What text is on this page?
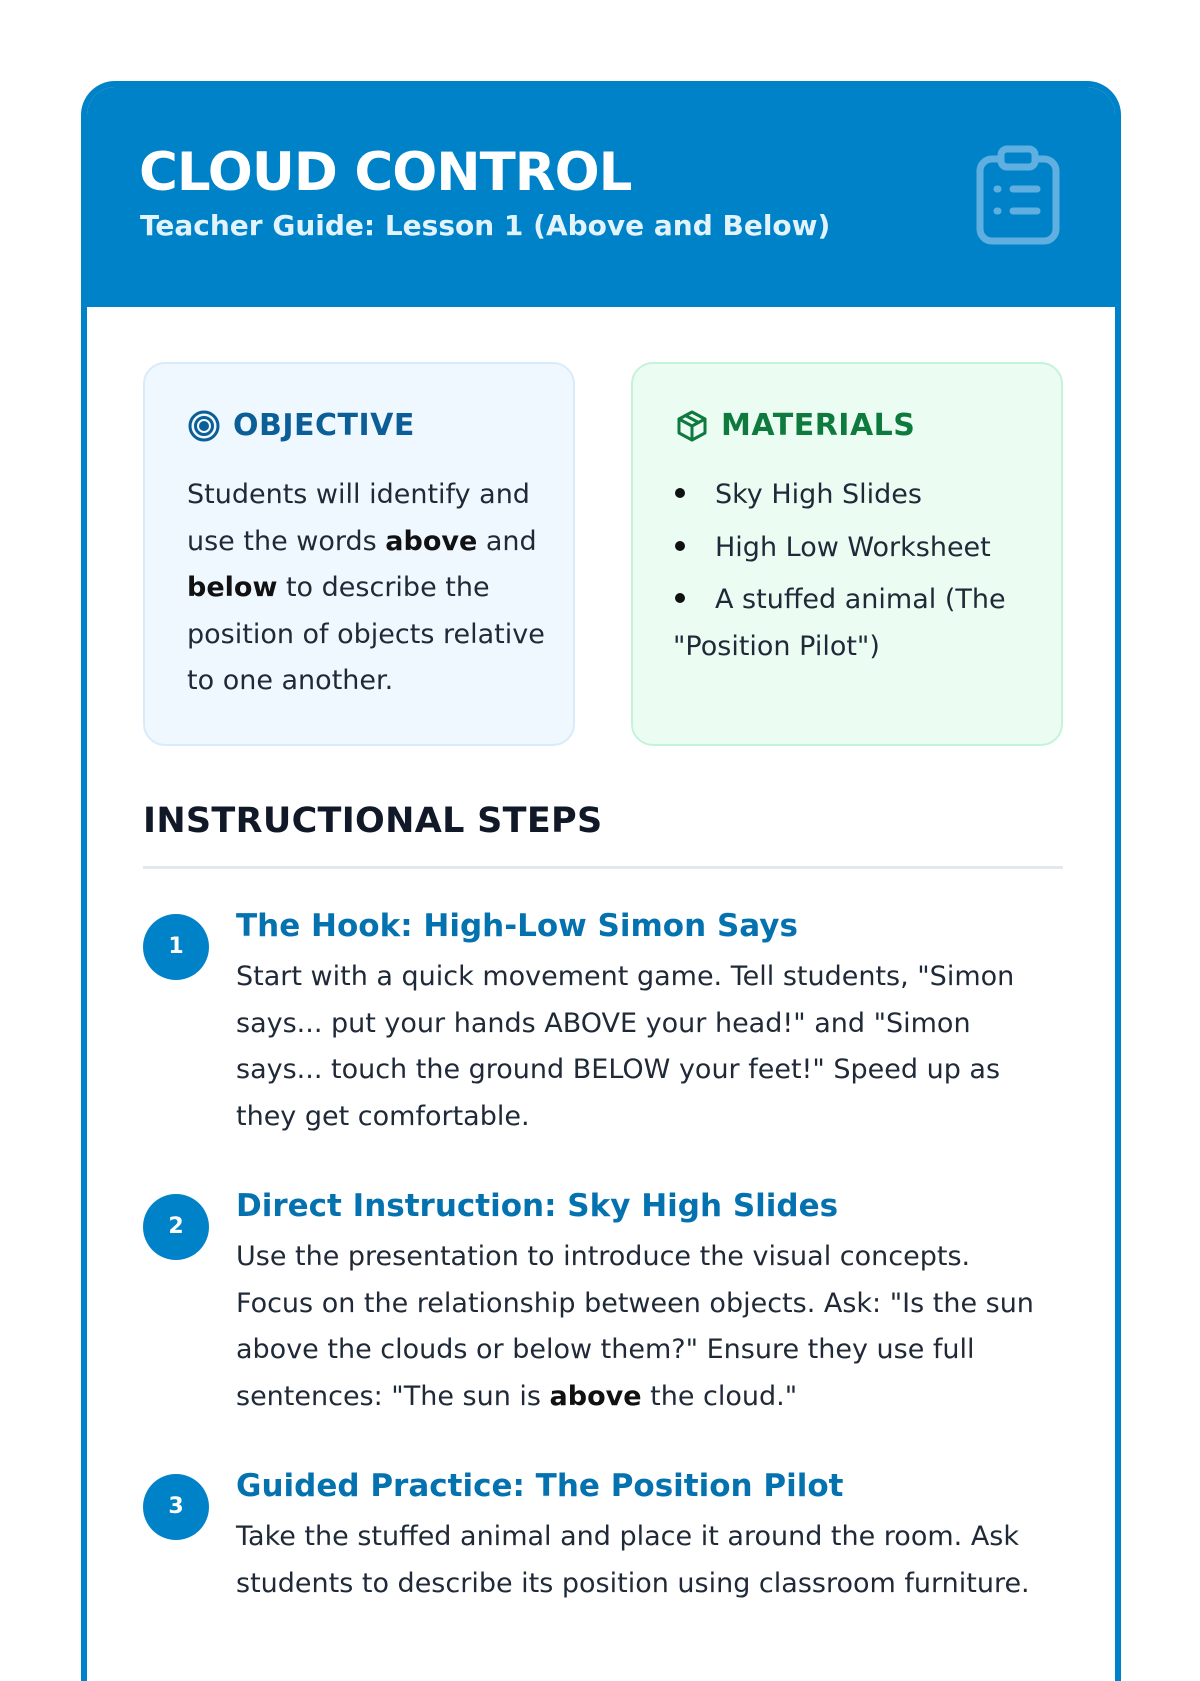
CLOUD CONTROL

Teacher Guide: Lesson 1 (Above and Below)

OBJECTIVE

Students will identify and use the words above and below to describe the position of objects relative to one another.

MATERIALS
Sky High Slides
High Low Worksheet
A stuffed animal (The "Position Pilot")
INSTRUCTIONAL STEPS
1
The Hook: High-Low Simon Says

Start with a quick movement game. Tell students, "Simon says... put your hands ABOVE your head!" and "Simon says... touch the ground BELOW your feet!" Speed up as they get comfortable.

2
Direct Instruction: Sky High Slides

Use the presentation to introduce the visual concepts. Focus on the relationship between objects. Ask: "Is the sun above the clouds or below them?" Ensure they use full sentences: "The sun is above the cloud."

3
Guided Practice: The Position Pilot

Take the stuffed animal and place it around the room. Ask students to describe its position using classroom furniture.
